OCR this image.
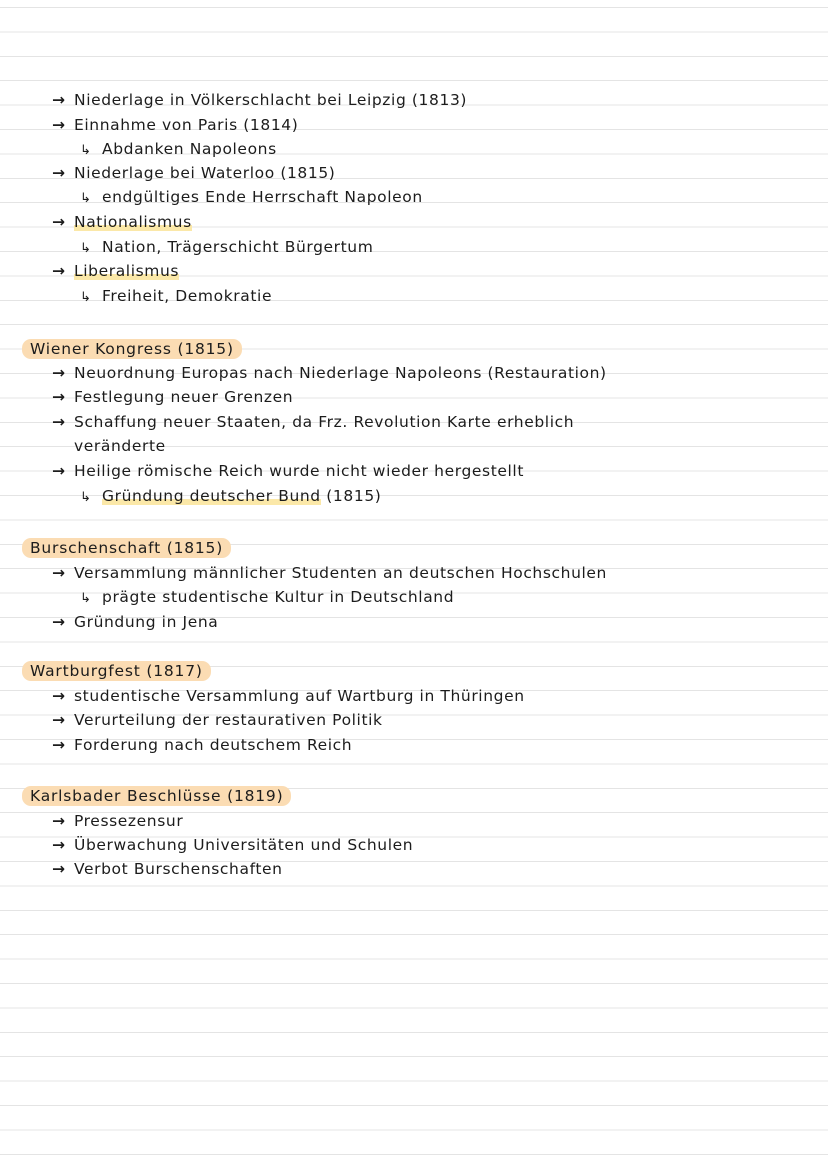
→ Niederlage in Völkerschlacht bei Leipzig (1813)
→ Einnahme von Paris (1814)
↳ Abdanken Napoleons
→ Niederlage bei Waterloo (1815)
↳ endgültiges Ende Herrschaft Napoleon
→ Nationalismus
↳ Nation, Trägerschicht Bürgertum
→ Liberalismus
↳ Freiheit, Demokratie
Wiener Kongress (1815)
→ Neuordnung Europas nach Niederlage Napoleons (Restauration)
→ Festlegung neuer Grenzen
→ Schaffung neuer Staaten, da Frz. Revolution Karte erheblich
veränderte
→ Heilige römische Reich wurde nicht wieder hergestellt
↳ Gründung deutscher Bund (1815)
Burschenschaft (1815)
→ Versammlung männlicher Studenten an deutschen Hochschulen
↳ prägte studentische Kultur in Deutschland
→ Gründung in Jena
Wartburgfest (1817)
→ studentische Versammlung auf Wartburg in Thüringen
→ Verurteilung der restaurativen Politik
→ Forderung nach deutschem Reich
Karlsbader Beschlüsse (1819)
→ Pressezensur
→ Überwachung Universitäten und Schulen
→ Verbot Burschenschaften
